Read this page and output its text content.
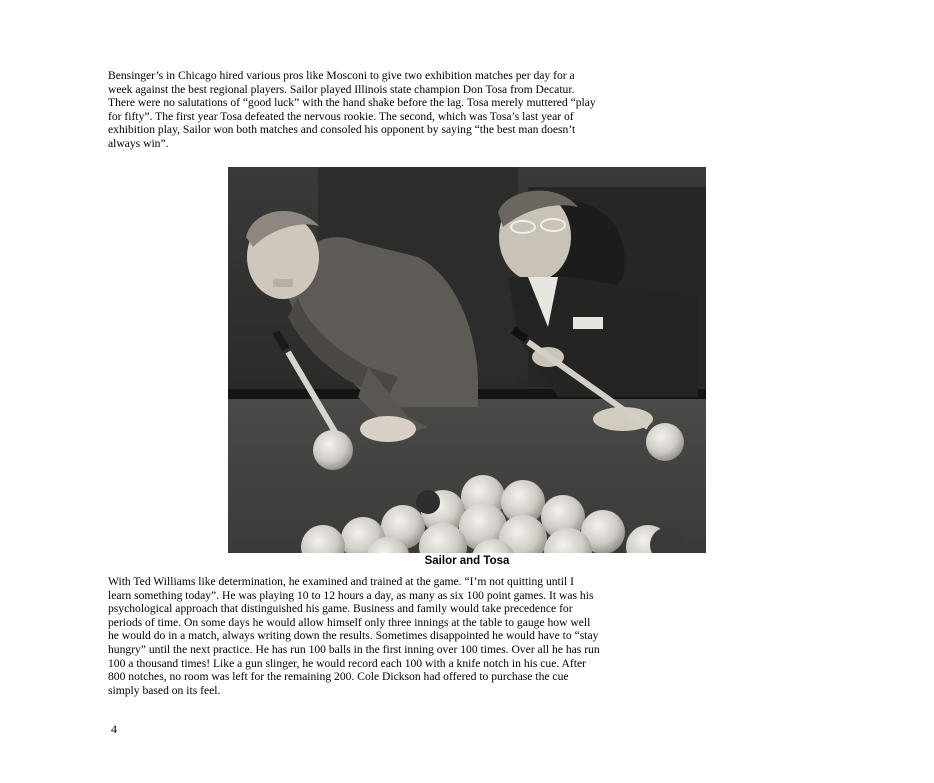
Bensinger’s in Chicago hired various pros like Mosconi to give two exhibition matches per day for a
week against the best regional players. Sailor played Illinois state champion Don Tosa from Decatur.
There were no salutations of “good luck” with the hand shake before the lag. Tosa merely muttered “play
for fifty”. The first year Tosa defeated the nervous rookie. The second, which was Tosa’s last year of
exhibition play, Sailor won both matches and consoled his opponent by saying “the best man doesn’t
always win”.
Sailor and Tosa
With Ted Williams like determination, he examined and trained at the game. “I’m not quitting until I
learn something today”. He was playing 10 to 12 hours a day, as many as six 100 point games. It was his
psychological approach that distinguished his game. Business and family would take precedence for
periods of time. On some days he would allow himself only three innings at the table to gauge how well
he would do in a match, always writing down the results. Sometimes disappointed he would have to “stay
hungry” until the next practice. He has run 100 balls in the first inning over 100 times. Over all he has run
100 a thousand times! Like a gun slinger, he would record each 100 with a knife notch in his cue. After
800 notches, no room was left for the remaining 200. Cole Dickson had offered to purchase the cue
simply based on its feel.
4
